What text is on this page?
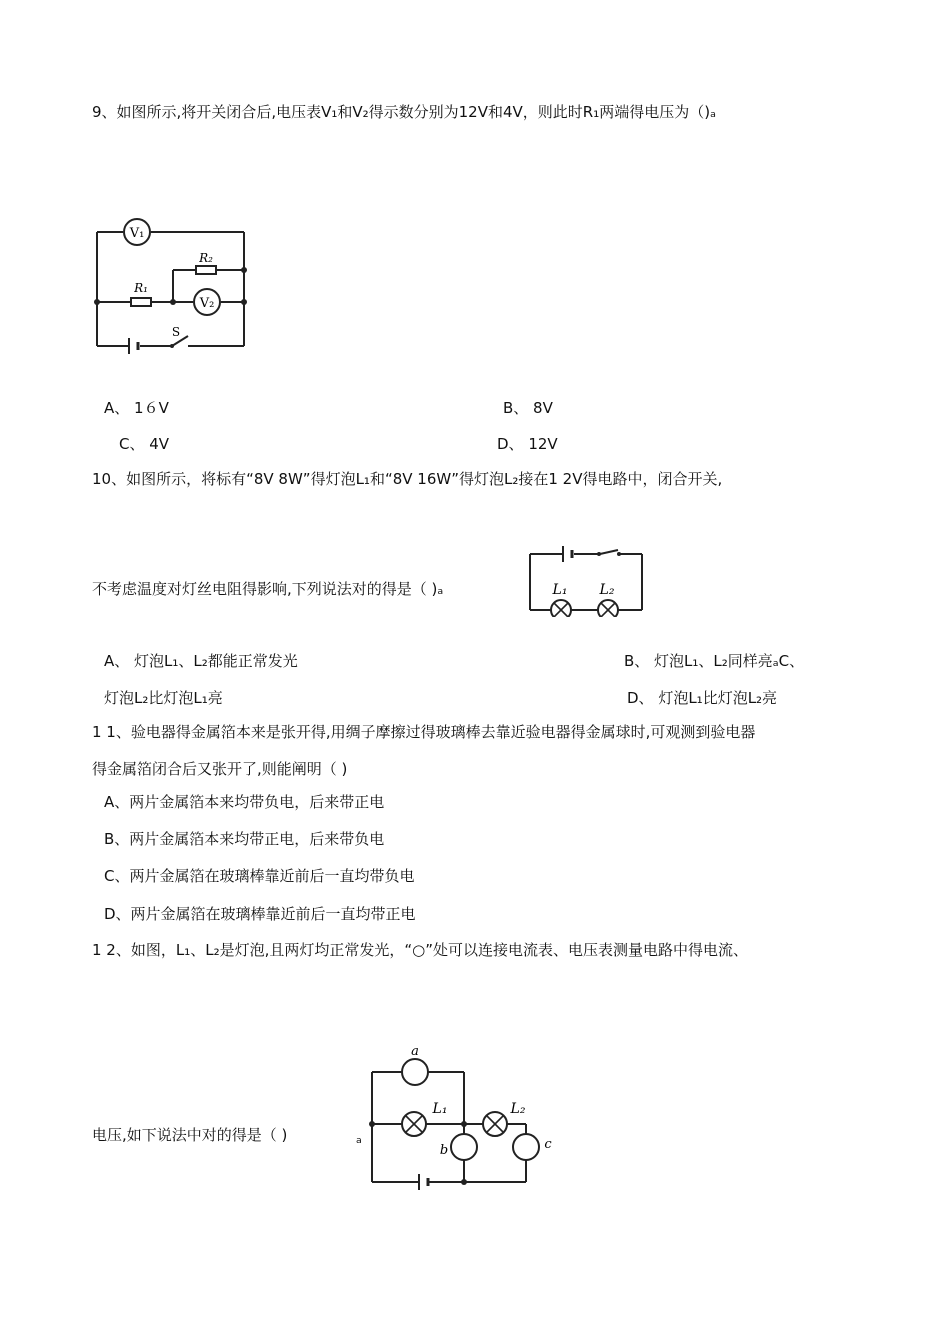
9、如图所示,将开关闭合后,电压表V₁和V₂得示数分别为12V和4V，则此时R₁两端得电压为（)ₐ
V₁
V₂
R₁
R₂
S
A、 1６V	B、 8V
C、 4V	D、 12V
10、如图所示，将标有“8V 8W”得灯泡L₁和“8V 16W”得灯泡L₂接在1 2V得电路中，闭合开关,
L₁ L₂
不考虑温度对灯丝电阻得影响,下列说法对的得是（ )ₐ
A、 灯泡L₁、L₂都能正常发光	B、 灯泡L₁、L₂同样亮ₐC、
灯泡L₂比灯泡L₁亮	D、 灯泡L₁比灯泡L₂亮
1 1、验电器得金属箔本来是张开得,用绸子摩擦过得玻璃棒去靠近验电器得金属球时,可观测到验电器
得金属箔闭合后又张开了,则能阐明（ )
A、两片金属箔本来均带负电，后来带正电
B、两片金属箔本来均带正电，后来带负电
C、两片金属箔在玻璃棒靠近前后一直均带负电
D、两片金属箔在玻璃棒靠近前后一直均带正电
1 2、如图，L₁、L₂是灯泡,且两灯均正常发光，“○”处可以连接电流表、电压表测量电路中得电流、
a
L₁	L₂
b	c
电压,如下说法中对的得是（ )	ₐ
